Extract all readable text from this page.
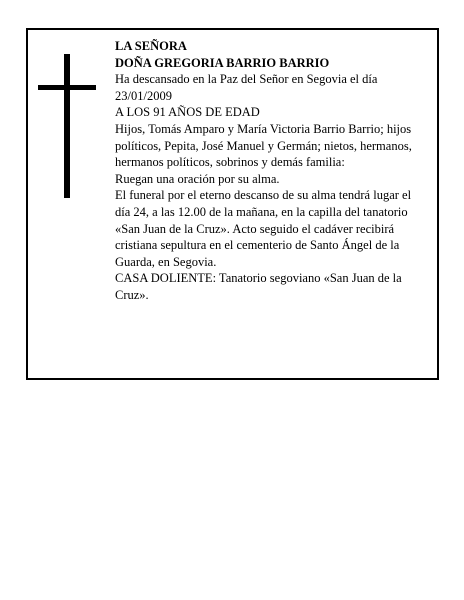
LA SEÑORA
DOÑA GREGORIA BARRIO BARRIO
Ha descansado en la Paz del Señor en Segovia el día 23/01/2009
A LOS 91 AÑOS DE EDAD
Hijos, Tomás Amparo y María Victoria Barrio Barrio; hijos políticos, Pepita, José Manuel y Germán; nietos, hermanos, hermanos políticos, sobrinos y demás familia:
Ruegan una oración por su alma.
El funeral por el eterno descanso de su alma tendrá lugar el día 24, a las 12.00 de la mañana, en la capilla del tanatorio «San Juan de la Cruz». Acto seguido el cadáver recibirá cristiana sepultura en el cementerio de Santo Ángel de la Guarda, en Segovia.
CASA DOLIENTE: Tanatorio segoviano «San Juan de la Cruz».
